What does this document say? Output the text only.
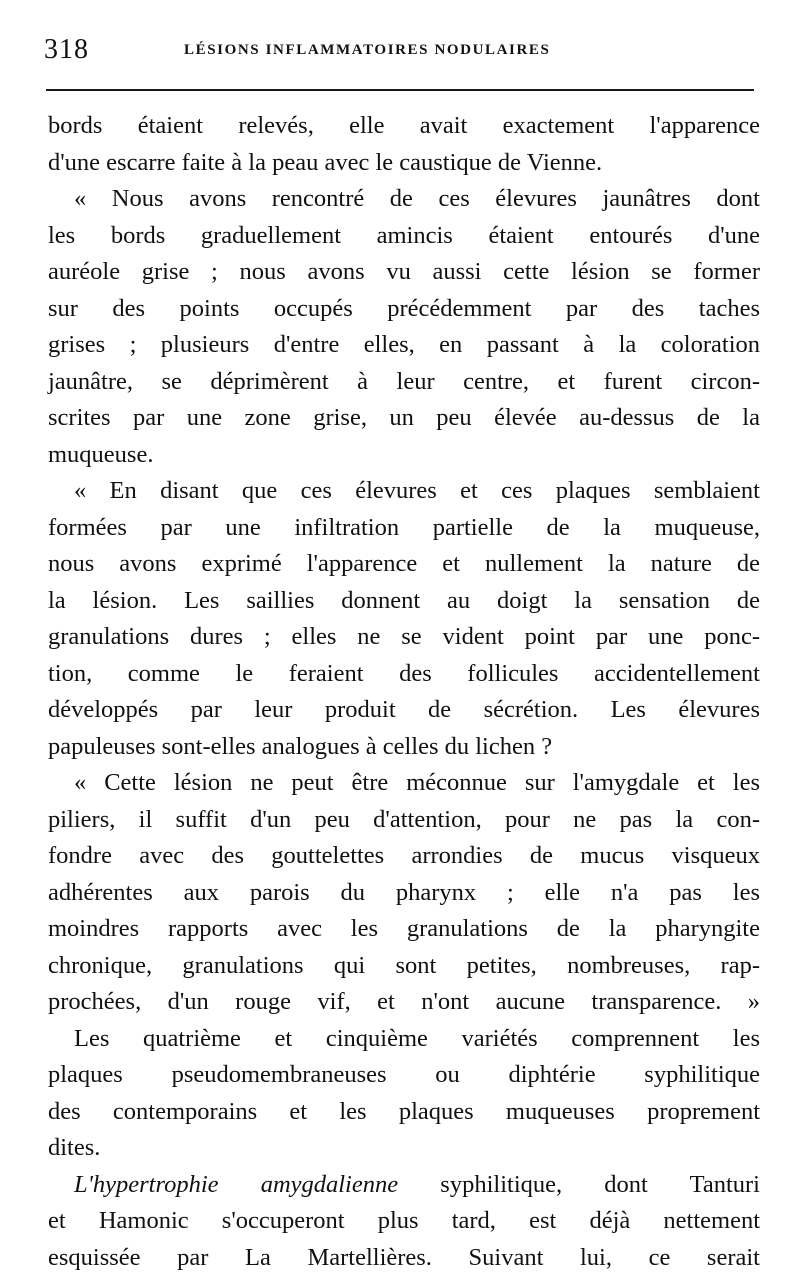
318	LÉSIONS INFLAMMATOIRES NODULAIRES
bords étaient relevés, elle avait exactement l'apparence
d'une escarre faite à la peau avec le caustique de Vienne.
« Nous avons rencontré de ces élevures jaunâtres dont
les bords graduellement amincis étaient entourés d'une
auréole grise ; nous avons vu aussi cette lésion se former
sur des points occupés précédemment par des taches
grises ; plusieurs d'entre elles, en passant à la coloration
jaunâtre, se déprimèrent à leur centre, et furent circon-
scrites par une zone grise, un peu élevée au-dessus de la
muqueuse.
« En disant que ces élevures et ces plaques semblaient
formées par une infiltration partielle de la muqueuse,
nous avons exprimé l'apparence et nullement la nature de
la lésion. Les saillies donnent au doigt la sensation de
granulations dures ; elles ne se vident point par une ponc-
tion, comme le feraient des follicules accidentellement
développés par leur produit de sécrétion. Les élevures
papuleuses sont-elles analogues à celles du lichen ?
« Cette lésion ne peut être méconnue sur l'amygdale et les
piliers, il suffit d'un peu d'attention, pour ne pas la con-
fondre avec des gouttelettes arrondies de mucus visqueux
adhérentes aux parois du pharynx ; elle n'a pas les
moindres rapports avec les granulations de la pharyngite
chronique, granulations qui sont petites, nombreuses, rap-
prochées, d'un rouge vif, et n'ont aucune transparence. »
Les quatrième et cinquième variétés comprennent les
plaques pseudomembraneuses ou diphtérie syphilitique
des contemporains et les plaques muqueuses proprement
dites.
L'hypertrophie amygdalienne syphilitique, dont Tanturi
et Hamonic s'occuperont plus tard, est déjà nettement
esquissée par La Martellières. Suivant lui, ce serait
